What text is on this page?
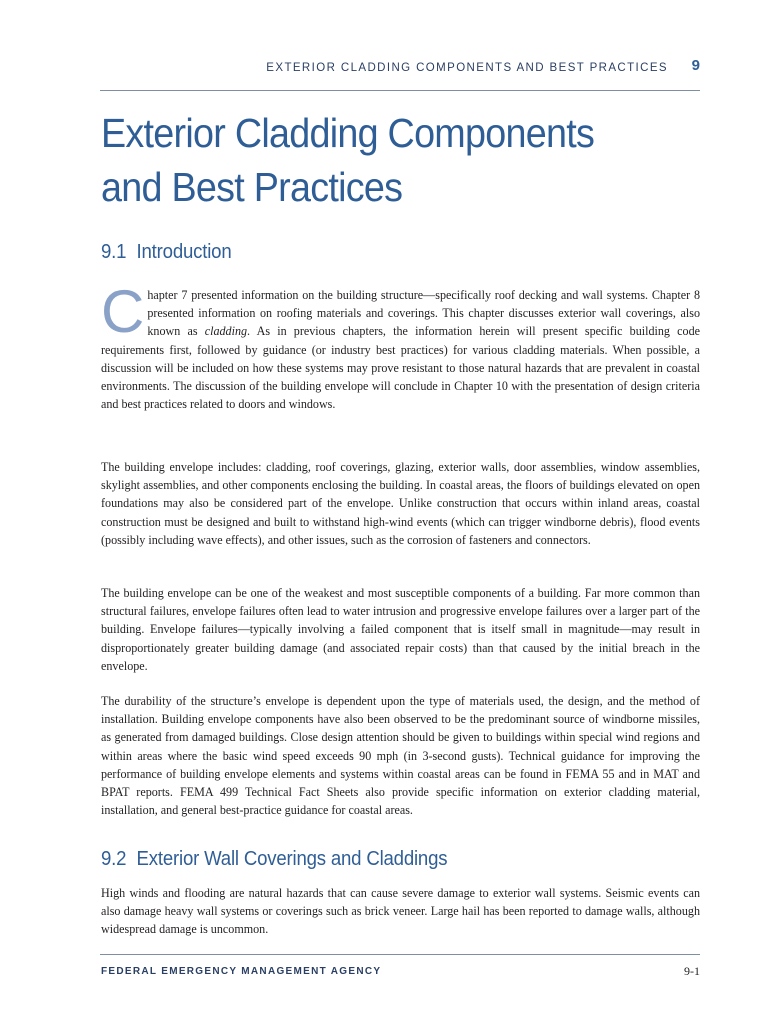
EXTERIOR CLADDING COMPONENTS AND BEST PRACTICES 9
Exterior Cladding Components
and Best Practices
9.1 Introduction

Chapter 7 presented information on the building structure—specifically roof decking and wall systems. Chapter 8 presented information on roofing materials and coverings. This chapter discusses exterior wall coverings, also known as cladding. As in previous chapters, the information herein will present specific building code requirements first, followed by guidance (or industry best practices) for various cladding materials. When possible, a discussion will be included on how these systems may prove resistant to those natural hazards that are prevalent in coastal environments. The discussion of the building envelope will conclude in Chapter 10 with the presentation of design criteria and best practices related to doors and windows.

The building envelope includes: cladding, roof coverings, glazing, exterior walls, door assemblies, window assemblies, skylight assemblies, and other components enclosing the building. In coastal areas, the floors of buildings elevated on open foundations may also be considered part of the envelope. Unlike construction that occurs within inland areas, coastal construction must be designed and built to withstand high-wind events (which can trigger windborne debris), flood events (possibly including wave effects), and other issues, such as the corrosion of fasteners and connectors.

The building envelope can be one of the weakest and most susceptible components of a building. Far more common than structural failures, envelope failures often lead to water intrusion and progressive envelope failures over a larger part of the building. Envelope failures—typically involving a failed component that is itself small in magnitude—may result in disproportionately greater building damage (and associated repair costs) than that caused by the initial breach in the envelope.

The durability of the structure’s envelope is dependent upon the type of materials used, the design, and the method of installation. Building envelope components have also been observed to be the predominant source of windborne missiles, as generated from damaged buildings. Close design attention should be given to buildings within special wind regions and within areas where the basic wind speed exceeds 90 mph (in 3-second gusts). Technical guidance for improving the performance of building envelope elements and systems within coastal areas can be found in FEMA 55 and in MAT and BPAT reports. FEMA 499 Technical Fact Sheets also provide specific information on exterior cladding material, installation, and general best-practice guidance for coastal areas.

9.2 Exterior Wall Coverings and Claddings

High winds and flooding are natural hazards that can cause severe damage to exterior wall systems. Seismic events can also damage heavy wall systems or coverings such as brick veneer. Large hail has been reported to damage walls, although widespread damage is uncommon.

FEDERAL EMERGENCY MANAGEMENT AGENCY	9-1
